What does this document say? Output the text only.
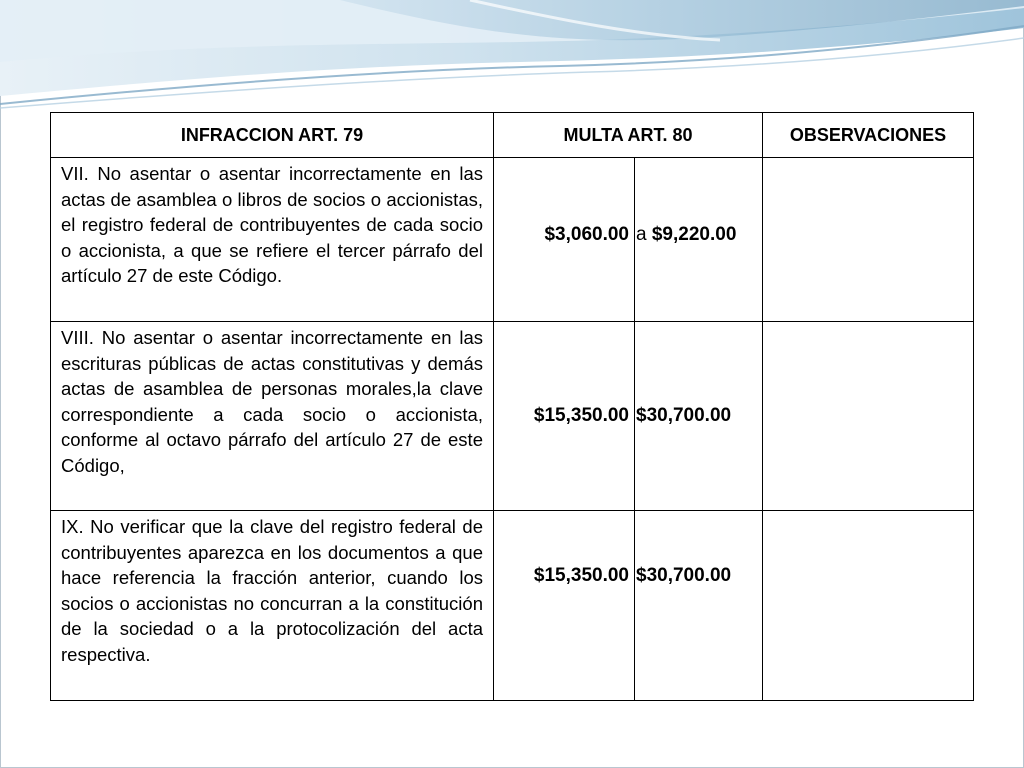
INFRACCION ART. 79	MULTA ART. 80		OBSERVACIONES
VII. No asentar o asentar incorrectamente en las actas de asamblea o libros de socios o accionistas, el registro federal de contribuyentes de cada socio o accionista, a que se refiere el tercer párrafo del artículo 27 de este Código.	$3,060.00	a $9,220.00	
VIII. No asentar o asentar incorrectamente en las escrituras públicas de actas constitutivas y demás actas de asamblea de personas morales,la clave correspondiente a cada socio o accionista, conforme al octavo párrafo del artículo 27 de este Código,	$15,350.00	$30,700.00	
IX. No verificar que la clave del registro federal de contribuyentes aparezca en los documentos a que hace referencia la fracción anterior, cuando los socios o accionistas no concurran a la constitución de la sociedad o a la protocolización del acta respectiva.	$15,350.00	$30,700.00	
